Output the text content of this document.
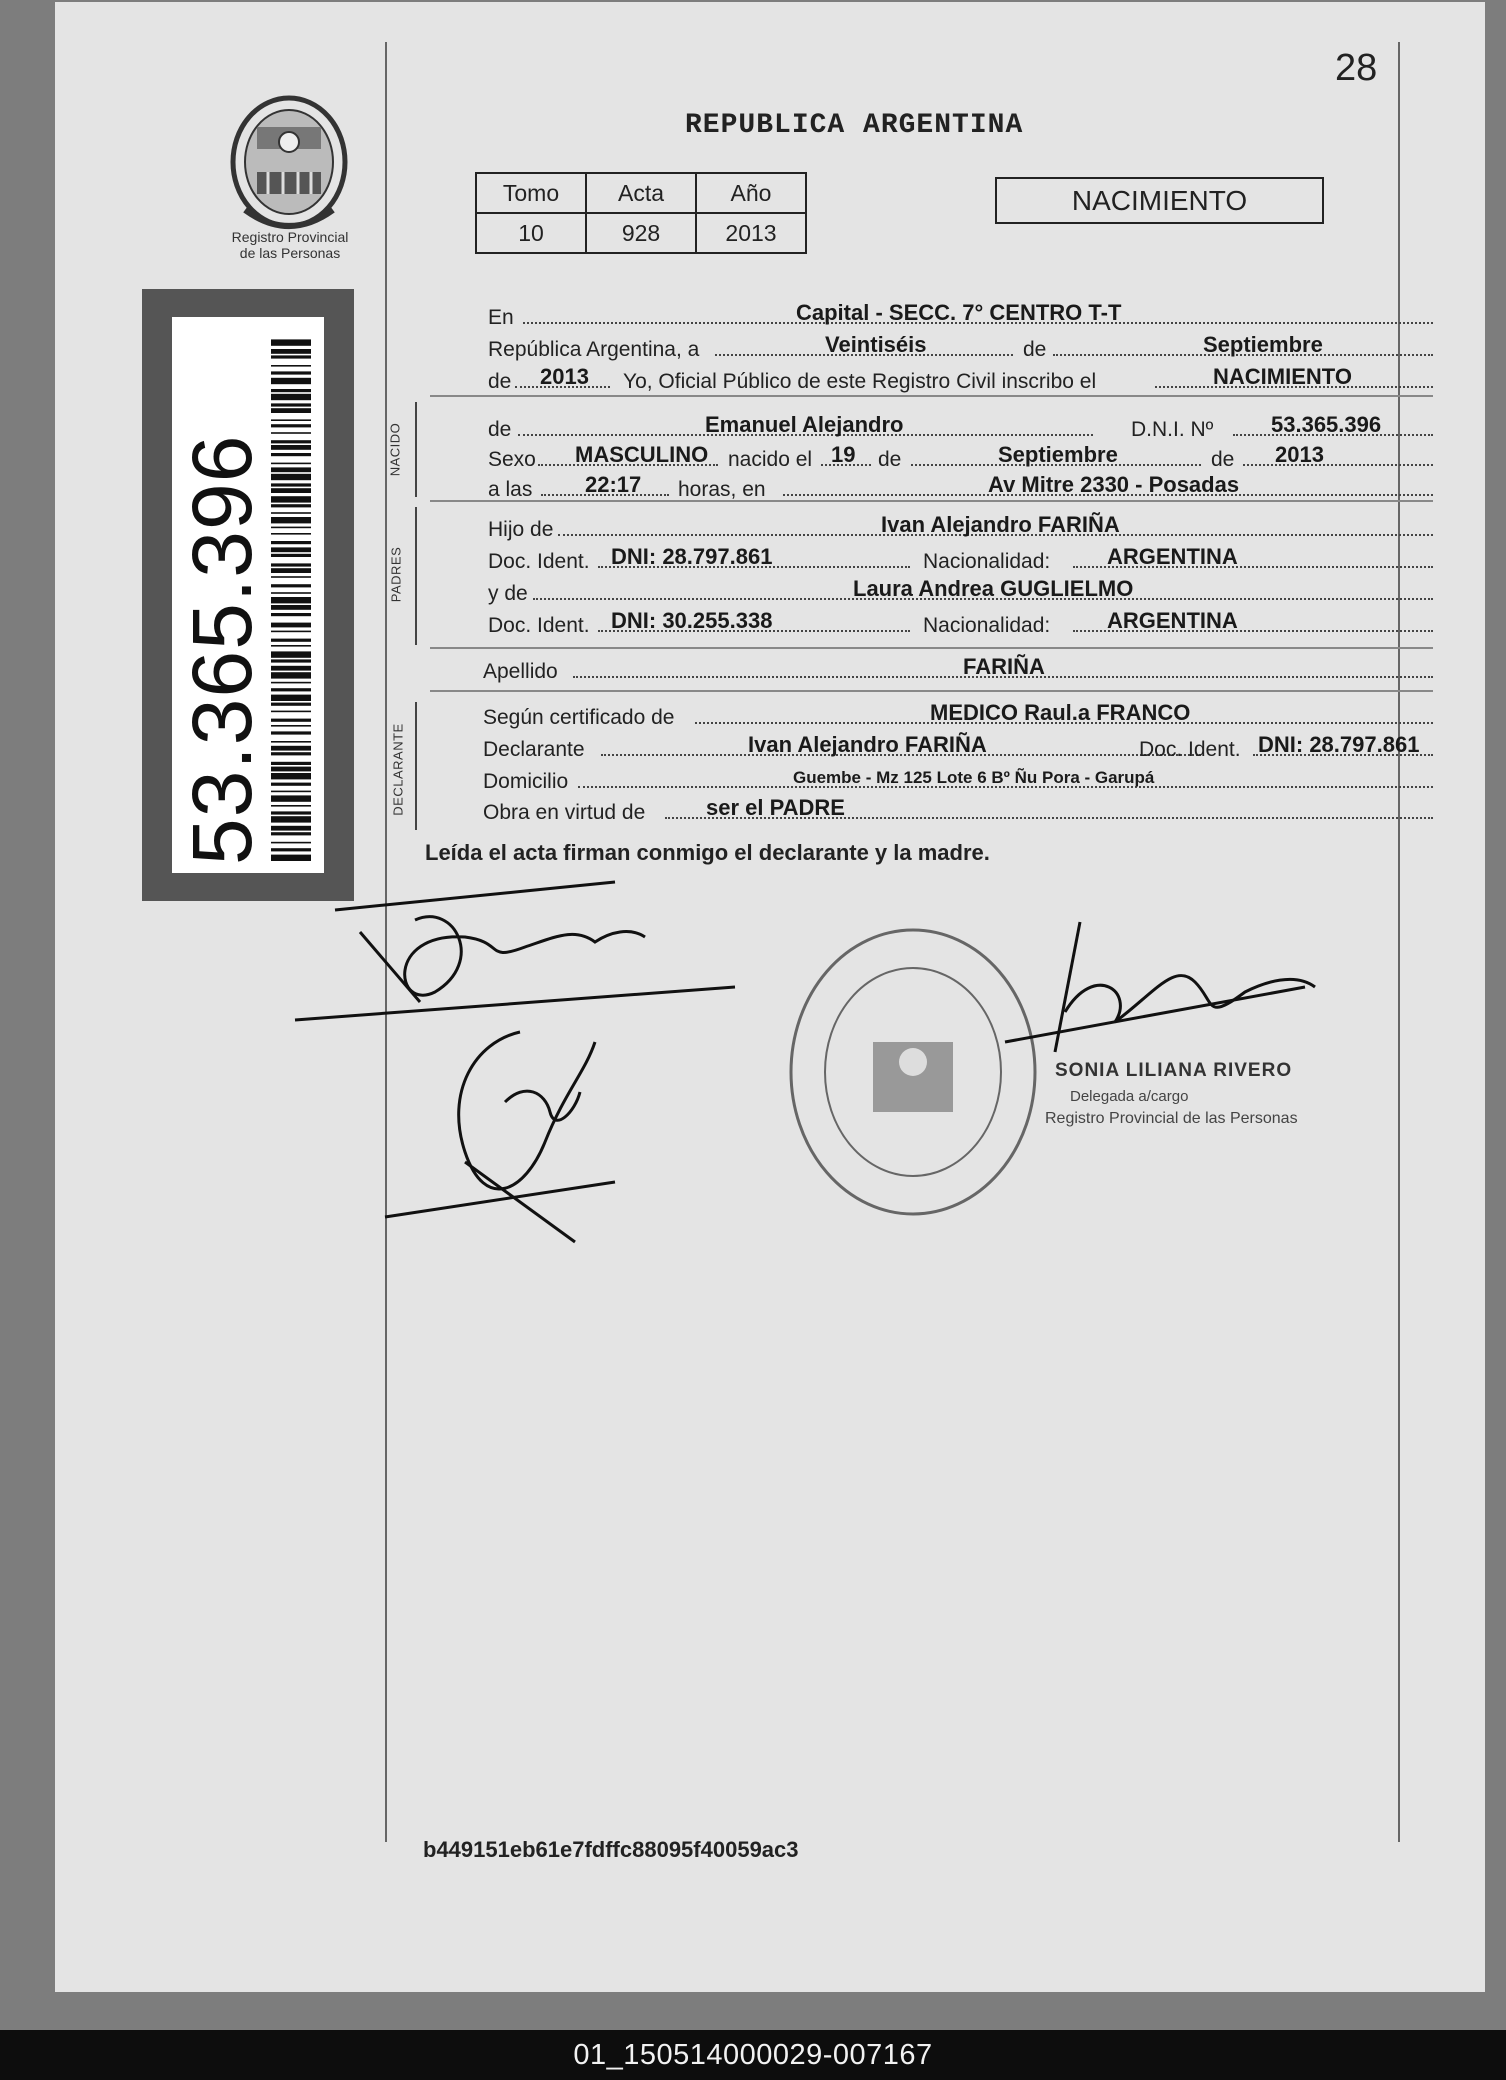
28
REPUBLICA ARGENTINA
Registro Provincial
de las Personas
53.365.396
Tomo	Acta	Año
10	928	2013
NACIMIENTO
NACIDO
PADRES
DECLARANTE
En	Capital - SECC. 7° CENTRO T-T
República Argentina, a	Veintiséis	de	Septiembre
de 2013 Yo, Oficial Público de este Registro Civil inscribo el	NACIMIENTO
de	Emanuel Alejandro	D.N.I. Nº	53.365.396
Sexo MASCULINO nacido el 19 de	Septiembre	de 2013
a las 22:17 horas, en	Av Mitre 2330 - Posadas
Hijo de	Ivan Alejandro FARIÑA
Doc. Ident. DNI: 28.797.861	Nacionalidad:	ARGENTINA
y de	Laura Andrea GUGLIELMO
Doc. Ident. DNI: 30.255.338	Nacionalidad:	ARGENTINA
Apellido	FARIÑA
Según certificado de	MEDICO Raul.a FRANCO
Declarante	Ivan Alejandro FARIÑA	Doc. Ident. DNI: 28.797.861
Domicilio	Guembe - Mz 125 Lote 6 Bº Ñu Pora - Garupá
Obra en virtud de	ser el PADRE
Leída el acta firman conmigo el declarante y la madre.
SONIA LILIANA RIVERO
Delegada a/cargo
Registro Provincial de las Personas
b449151eb61e7fdffc88095f40059ac3
01_150514000029-007167
